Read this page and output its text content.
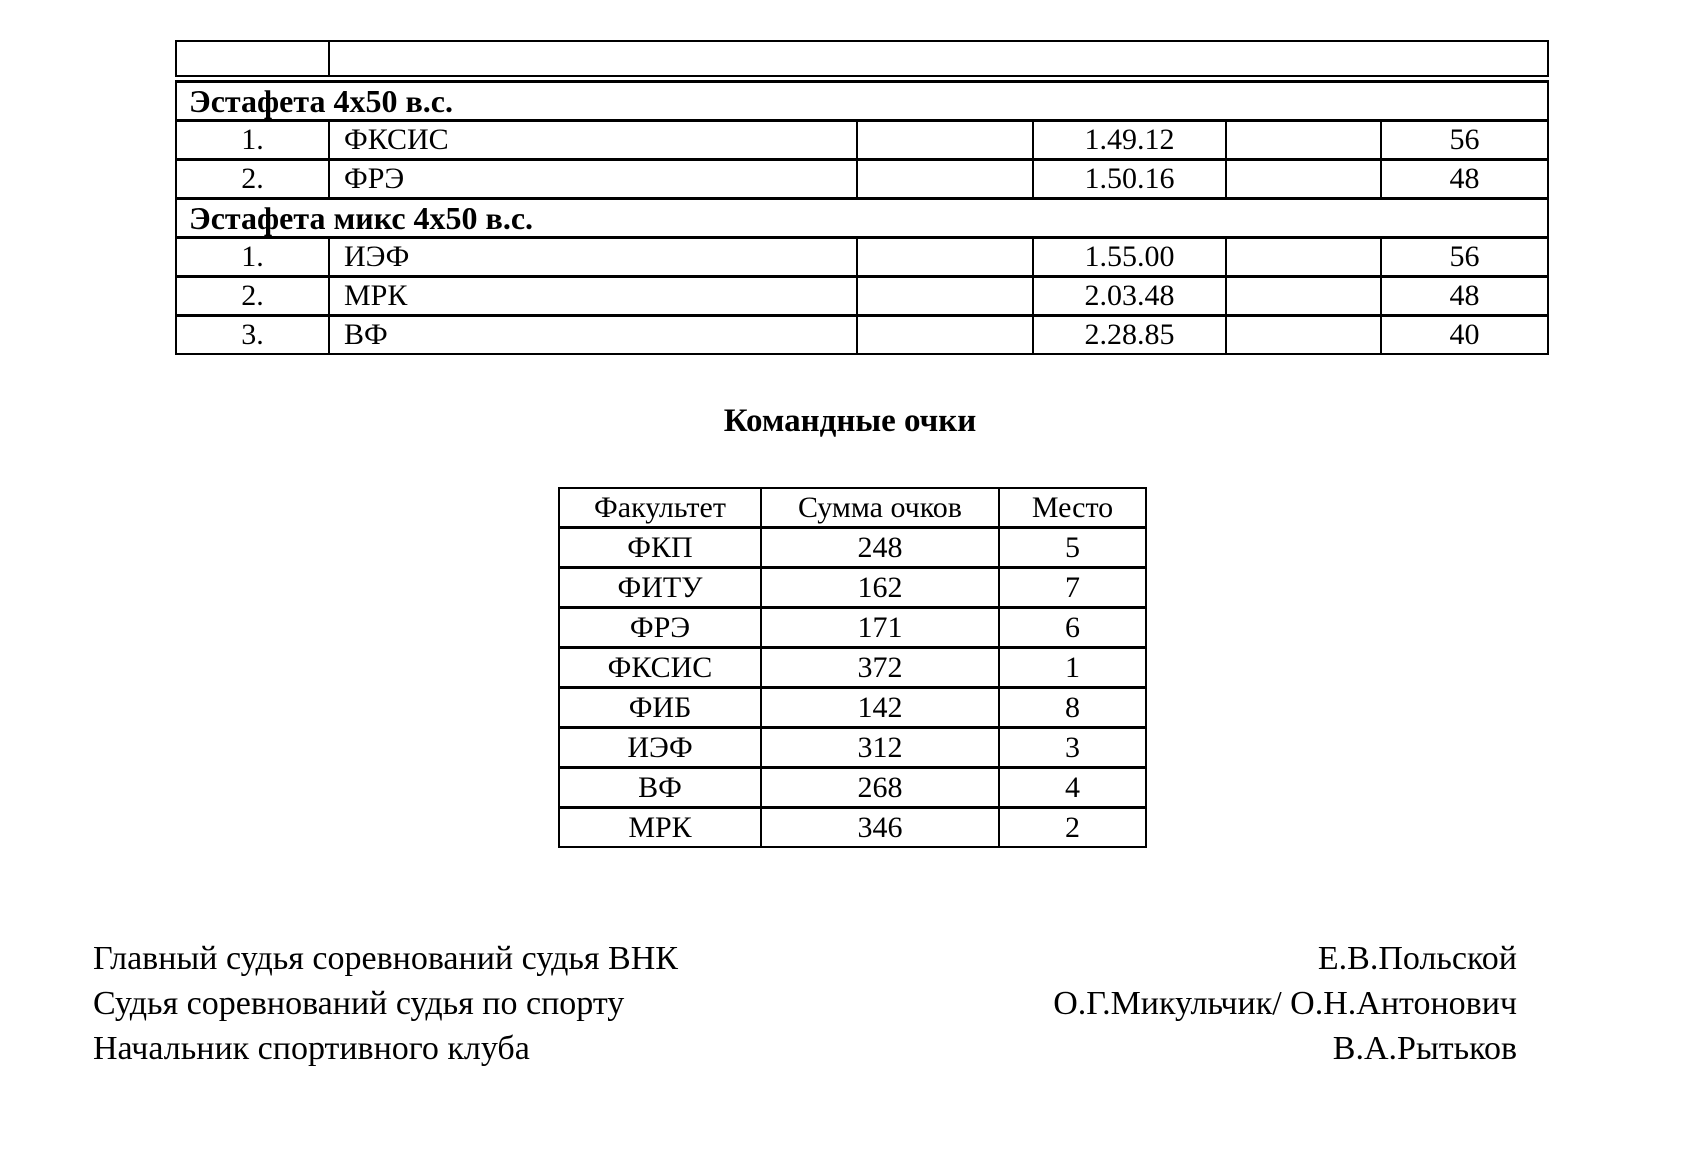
Эстафета 4х50 в.с.
1.	ФКСИС	1.49.12	56
2.	ФРЭ	1.50.16	48
Эстафета микс 4х50 в.с.
1.	ИЭФ	1.55.00	56
2.	МРК	2.03.48	48
3.	ВФ	2.28.85	40
Командные очки
Факультет	Сумма очков	Место
ФКП	248	5
ФИТУ	162	7
ФРЭ	171	6
ФКСИС	372	1
ФИБ	142	8
ИЭФ	312	3
ВФ	268	4
МРК	346	2
Главный судья соревнований судья ВНК	Е.В.Польской
Судья соревнований судья по спорту	О.Г.Микульчик/ О.Н.Антонович
Начальник спортивного клуба	В.А.Рытьков
